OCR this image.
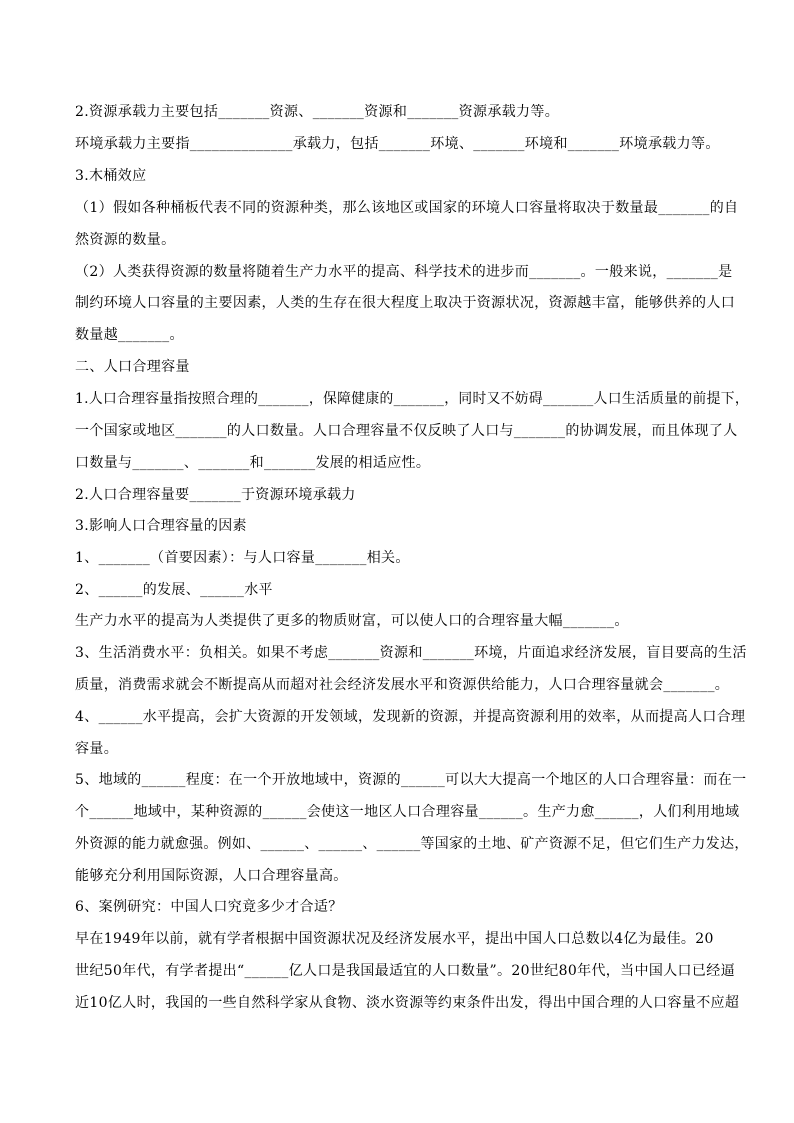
2.资源承载力主要包括_______资源、_______资源和_______资源承载力等。
环境承载力主要指______________承载力，包括_______环境、_______环境和_______环境承载力等。
3.木桶效应
（1）假如各种桶板代表不同的资源种类，那么该地区或国家的环境人口容量将取决于数量最_______的自
然资源的数量。
（2）人类获得资源的数量将随着生产力水平的提高、科学技术的进步而_______。一般来说，_______是
制约环境人口容量的主要因素，人类的生存在很大程度上取决于资源状况，资源越丰富，能够供养的人口
数量越_______。
二、人口合理容量
1.人口合理容量指按照合理的_______，保障健康的_______，同时又不妨碍_______人口生活质量的前提下，
一个国家或地区_______的人口数量。人口合理容量不仅反映了人口与_______的协调发展，而且体现了人
口数量与_______、_______和_______发展的相适应性。
2.人口合理容量要_______于资源环境承载力
3.影响人口合理容量的因素
1、_______（首要因素）：与人口容量_______相关。
2、______的发展、______水平
生产力水平的提高为人类提供了更多的物质财富，可以使人口的合理容量大幅_______。
3、生活消费水平：负相关。如果不考虑_______资源和_______环境，片面追求经济发展，盲目要高的生活
质量，消费需求就会不断提高从而超对社会经济发展水平和资源供给能力，人口合理容量就会_______。
4、______水平提高，会扩大资源的开发领域，发现新的资源，并提高资源利用的效率，从而提高人口合理
容量。
5、地域的______程度：在一个开放地域中，资源的______可以大大提高一个地区的人口合理容量：而在一
个______地域中，某种资源的______会使这一地区人口合理容量______。生产力愈______，人们利用地域
外资源的能力就愈强。例如、______、______、______等国家的土地、矿产资源不足，但它们生产力发达，
能够充分利用国际资源，人口合理容量高。
6、案例研究：中国人口究竟多少才合适？
早在1949年以前，就有学者根据中国资源状况及经济发展水平，提出中国人口总数以4亿为最佳。20
世纪50年代，有学者提出“______亿人口是我国最适宜的人口数量”。20世纪80年代，当中国人口已经逼
近10亿人时，我国的一些自然科学家从食物、淡水资源等约束条件出发，得出中国合理的人口容量不应超
